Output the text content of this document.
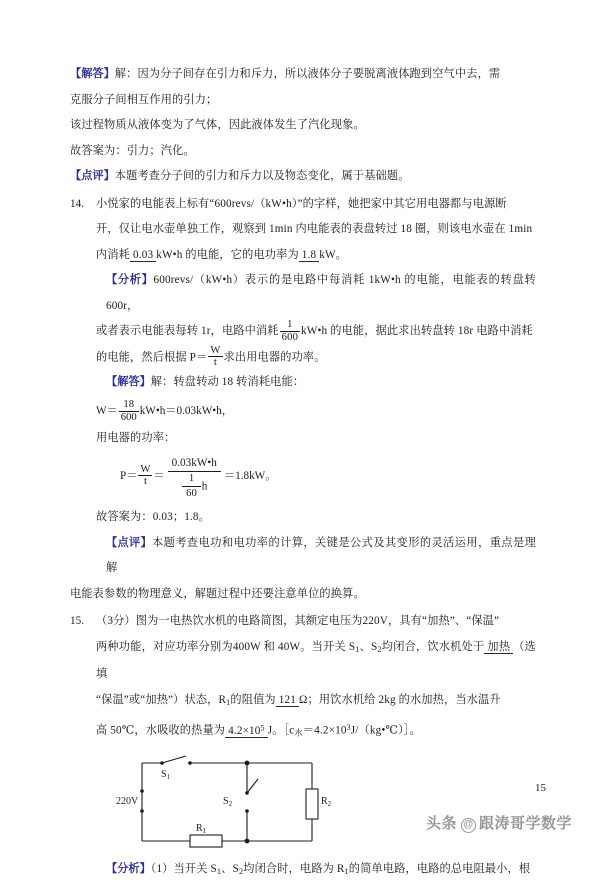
【解答】解：因为分子间存在引力和斥力，所以液体分子要脱离液体跑到空气中去，需

克服分子间相互作用的引力；

该过程物质从液体变为了气体，因此液体发生了汽化现象。

故答案为：引力；汽化。

【点评】本题考查分子间的引力和斥力以及物态变化，属于基础题。

14.	小悦家的电能表上标有“600revs/（kW•h）”的字样，她把家中其它用电器都与电源断

开，仅让电水壶单独工作，观察到 1min 内电能表的表盘转过 18 圈，则该电水壶在 1min

内消耗 0.03 kW•h 的电能，它的电功率为 1.8 kW。

【分析】600revs/（kW•h）表示的是电路中每消耗 1kW•h 的电能，电能表的转盘转 600r，

或者表示电能表每转 1r，电路中消耗 $\frac{1}{600}$ kW•h 的电能，据此求出转盘转 18r 电路中消耗

的电能，然后根据 $P= \frac{W}{t}$ 求出用电器的功率。

【解答】解：转盘转动 18 转消耗电能：

$W= \frac{18}{600}$ kW•h＝0.03kW•h，

用电器的功率：

$P= \frac{W}{t} = \frac{0.03kW•h}{\frac{1}{60} h} =1.8kW$。

故答案为：0.03；1.8。

【点评】本题考查电功和电功率的计算，关键是公式及其变形的灵活运用，重点是理解

电能表参数的物理意义，解题过程中还要注意单位的换算。

15.	（3分）图为一电热饮水机的电路简图，其额定电压为220V，具有“加热”、“保温”

两种功能，对应功率分别为400W 和 40W。当开关 $S_1$、$S_2$均闭合，饮水机处于 加热 （选填

“保温”或“加热”）状态，$R_1$的阻值为 121 Ω；用饮水机给 2kg 的水加热，当水温升

高 50℃，水吸收的热量为 $4.2\times 10^5$ J。$[c_水=4.2\times 10^3J/(kg•℃)]$。

220V
$S_1$
$S_2$
$R_1$
$R_2$

【分析】（1）当开关 $S_1$、$S_2$均闭合时，电路为 $R_1$的简单电路，电路的总电阻最小，根

15
头条 @ 跟涛哥学数学
